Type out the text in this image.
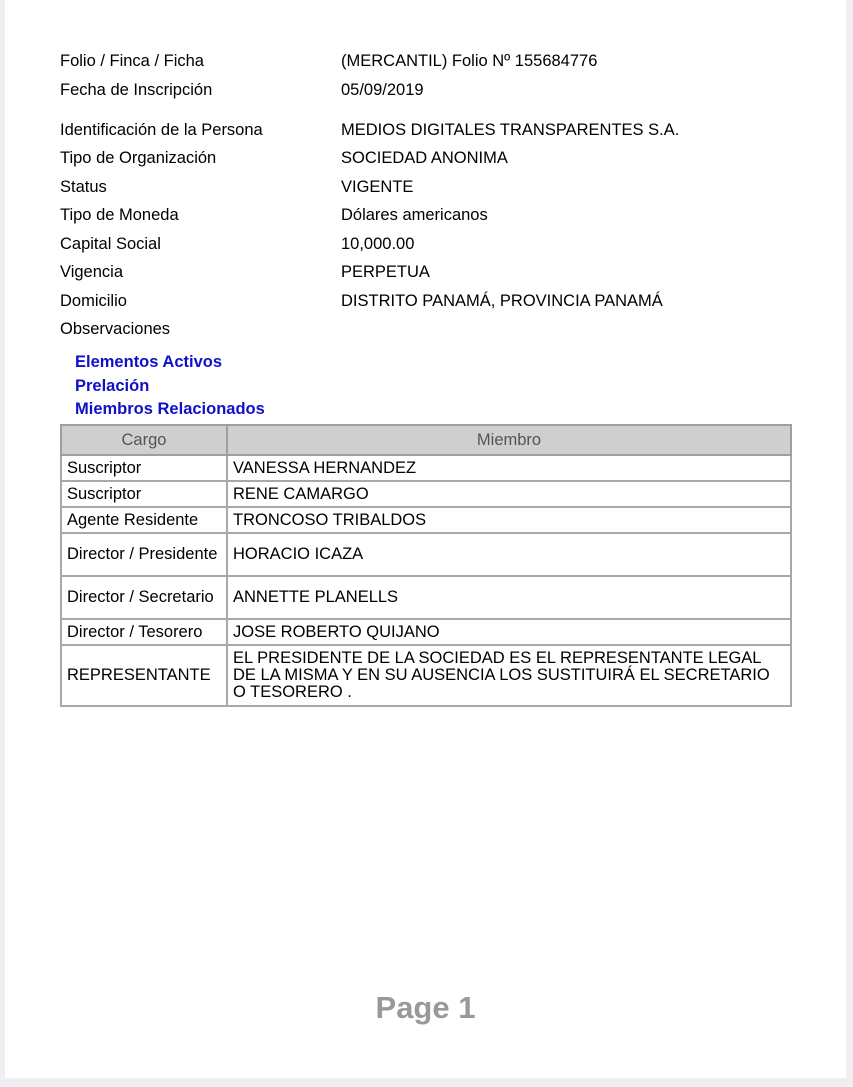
Folio / Finca / Ficha	(MERCANTIL) Folio Nº 155684776
Fecha de Inscripción	05/09/2019
Identificación de la Persona	MEDIOS DIGITALES TRANSPARENTES S.A.
Tipo de Organización	SOCIEDAD ANONIMA
Status	VIGENTE
Tipo de Moneda	Dólares americanos
Capital Social	10,000.00
Vigencia	PERPETUA
Domicilio	DISTRITO PANAMÁ, PROVINCIA PANAMÁ
Observaciones
Elementos Activos
Prelación
Miembros Relacionados
Cargo	Miembro
Suscriptor	VANESSA HERNANDEZ
Suscriptor	RENE CAMARGO
Agente Residente	TRONCOSO TRIBALDOS
Director / Presidente	HORACIO ICAZA
Director / Secretario	ANNETTE PLANELLS
Director / Tesorero	JOSE ROBERTO QUIJANO
REPRESENTANTE	EL PRESIDENTE DE LA SOCIEDAD ES EL REPRESENTANTE LEGAL DE LA MISMA Y EN SU AUSENCIA LOS SUSTITUIRÁ EL SECRETARIO O TESORERO .
Page 1
